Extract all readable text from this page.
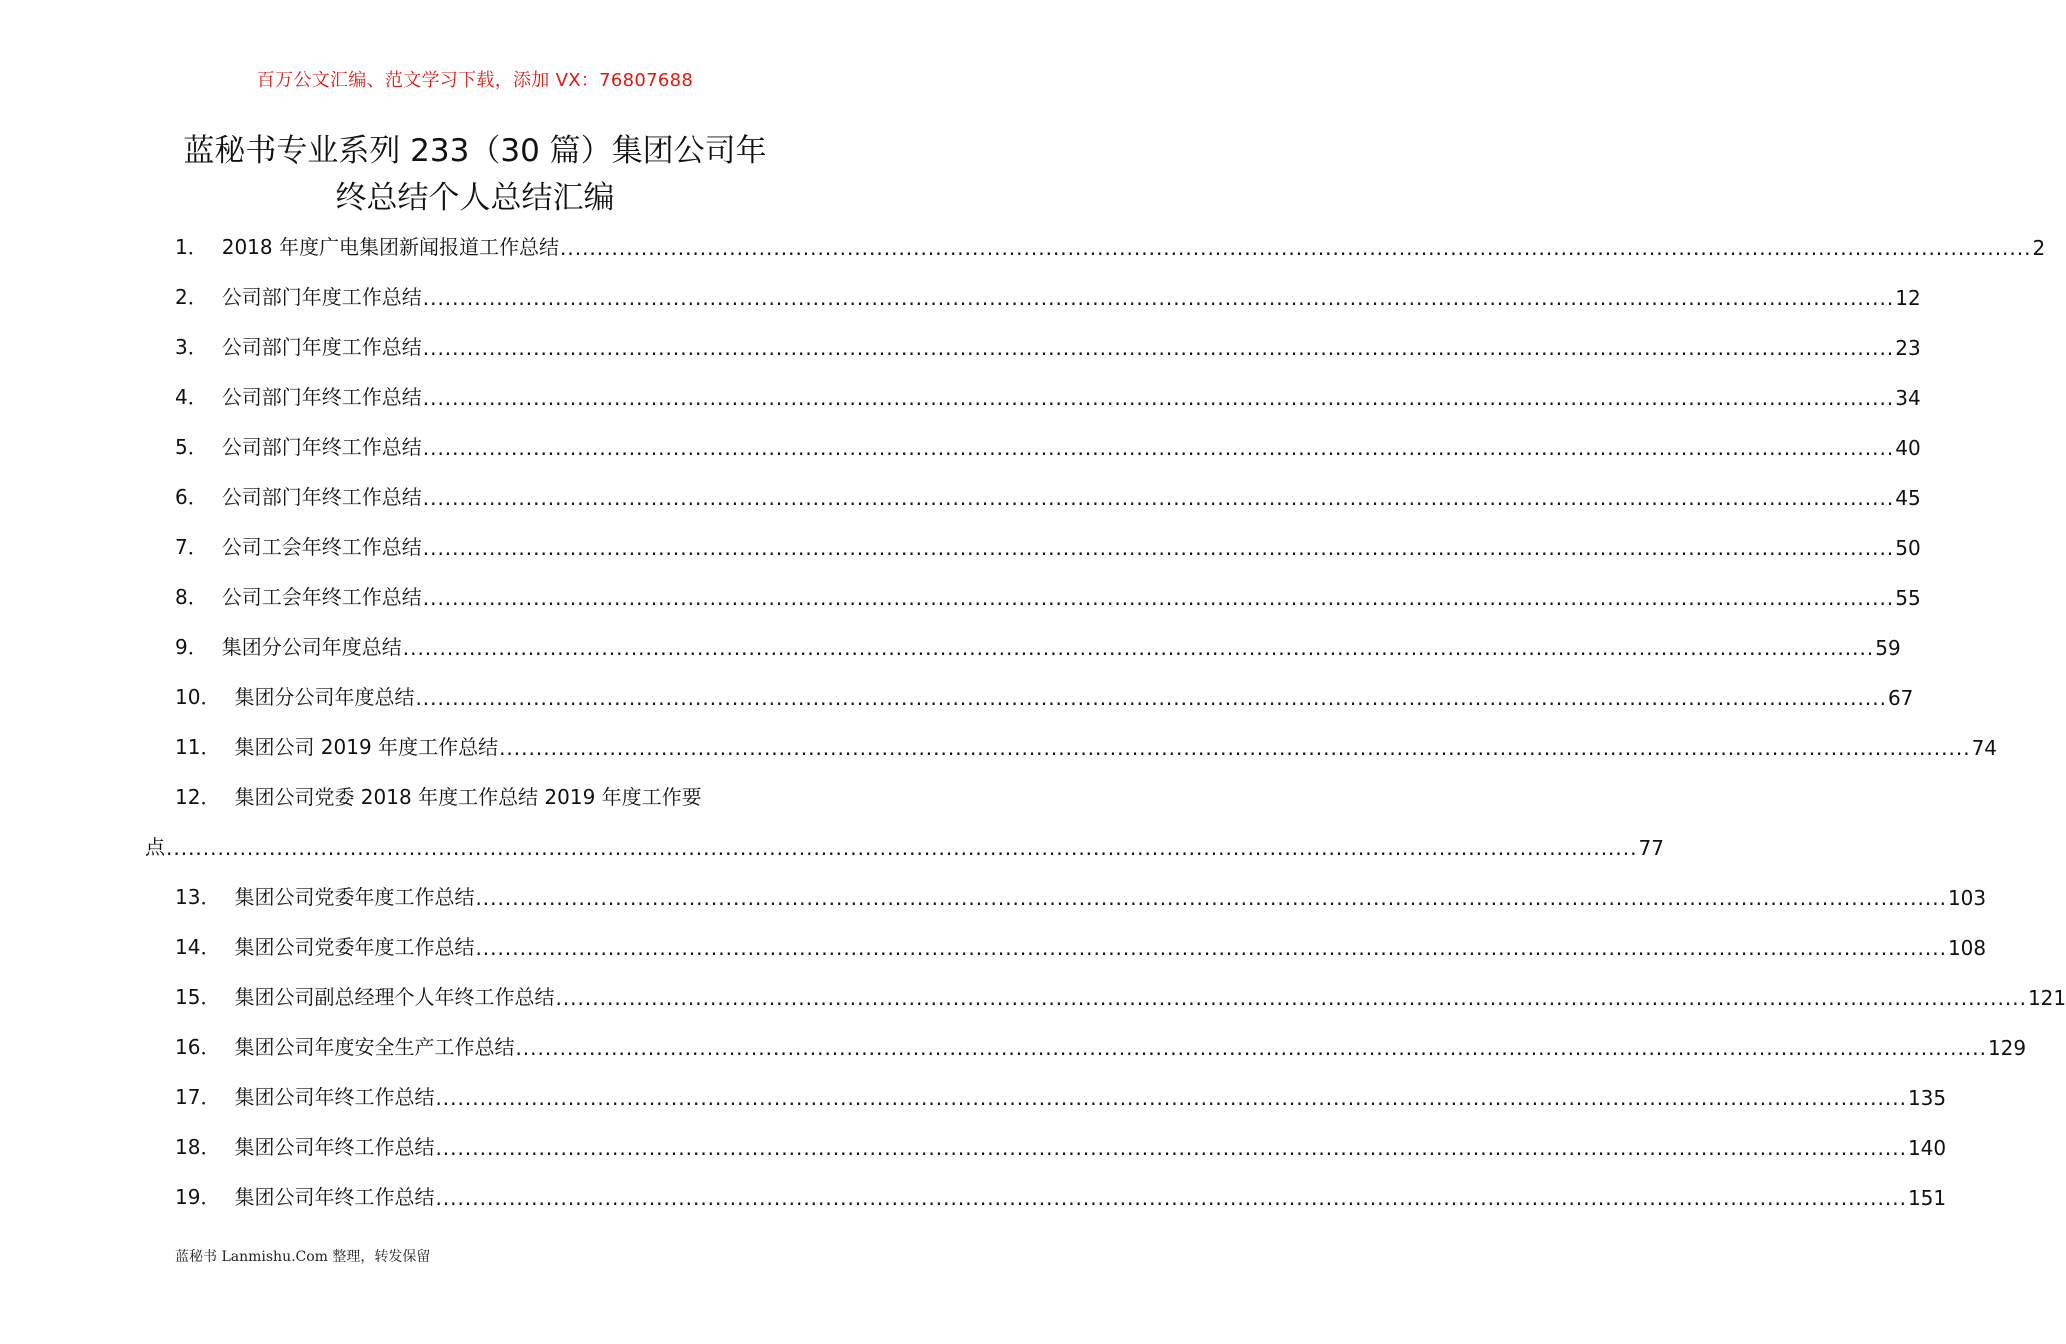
百万公文汇编、范文学习下载，添加 VX：76807688
蓝秘书专业系列 233（30 篇）集团公司年
终总结个人总结汇编
1． 2018 年度广电集团新闻报道工作总结 ........................................................................................................................................................................................................ 2
2． 公司部门年度工作总结 ........................................................................................................................................................................................................ 12
3． 公司部门年度工作总结 ........................................................................................................................................................................................................ 23
4． 公司部门年终工作总结 ........................................................................................................................................................................................................ 34
5． 公司部门年终工作总结 ........................................................................................................................................................................................................ 40
6． 公司部门年终工作总结 ........................................................................................................................................................................................................ 45
7． 公司工会年终工作总结 ........................................................................................................................................................................................................ 50
8． 公司工会年终工作总结 ........................................................................................................................................................................................................ 55
9． 集团分公司年度总结 ........................................................................................................................................................................................................ 59
10． 集团分公司年度总结 ........................................................................................................................................................................................................ 67
11． 集团公司 2019 年度工作总结 ........................................................................................................................................................................................................ 74
12． 集团公司党委 2018 年度工作总结 2019 年度工作要
点 ........................................................................................................................................................................................................ 77
13． 集团公司党委年度工作总结 ........................................................................................................................................................................................................ 103
14． 集团公司党委年度工作总结 ........................................................................................................................................................................................................ 108
15． 集团公司副总经理个人年终工作总结 ........................................................................................................................................................................................................ 121
16． 集团公司年度安全生产工作总结 ........................................................................................................................................................................................................ 129
17． 集团公司年终工作总结 ........................................................................................................................................................................................................ 135
18． 集团公司年终工作总结 ........................................................................................................................................................................................................ 140
19． 集团公司年终工作总结 ........................................................................................................................................................................................................ 151
蓝秘书 Lanmishu.Com 整理，转发保留
